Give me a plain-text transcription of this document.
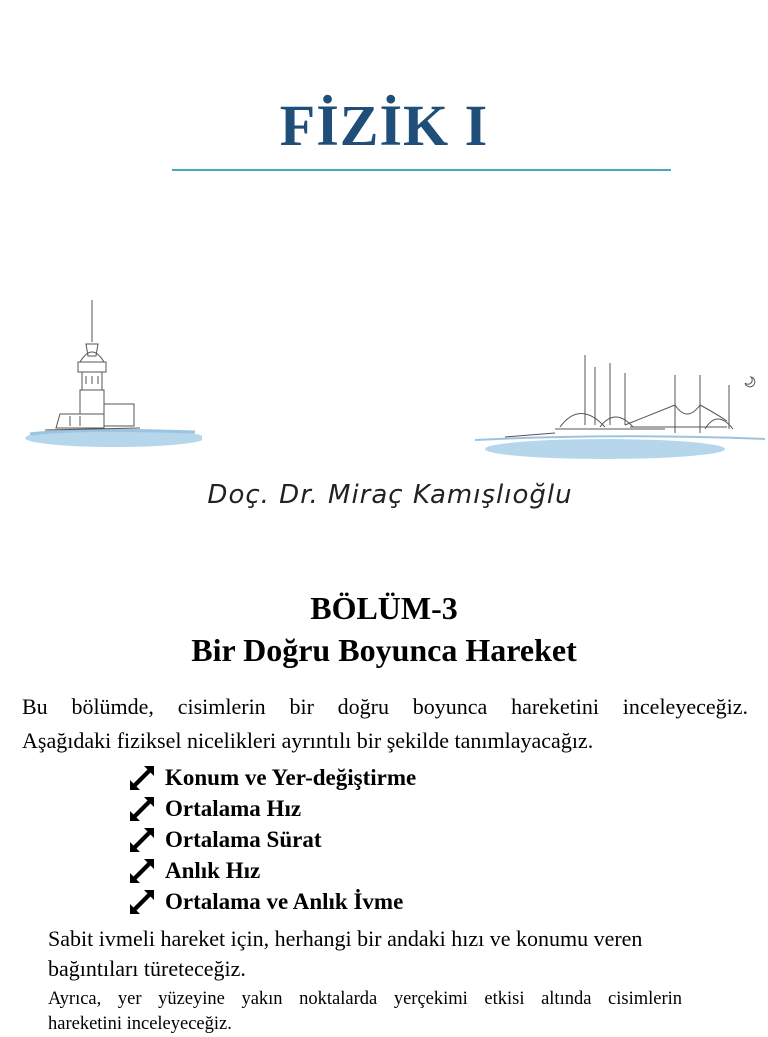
FİZİK I
Doç. Dr. Miraç Kamışlıoğlu
BÖLÜM-3
Bir Doğru Boyunca Hareket
Bu bölümde, cisimlerin bir doğru boyunca hareketini inceleyeceğiz.
Aşağıdaki fiziksel nicelikleri ayrıntılı bir şekilde tanımlayacağız.
Konum ve Yer-değiştirme
Ortalama Hız
Ortalama Sürat
Anlık Hız
Ortalama ve Anlık İvme
Sabit ivmeli hareket için, herhangi bir andaki hızı ve konumu veren bağıntıları türeteceğiz.
Ayrıca, yer yüzeyine yakın noktalarda yerçekimi etkisi altında cisimlerin
hareketini inceleyeceğiz.
